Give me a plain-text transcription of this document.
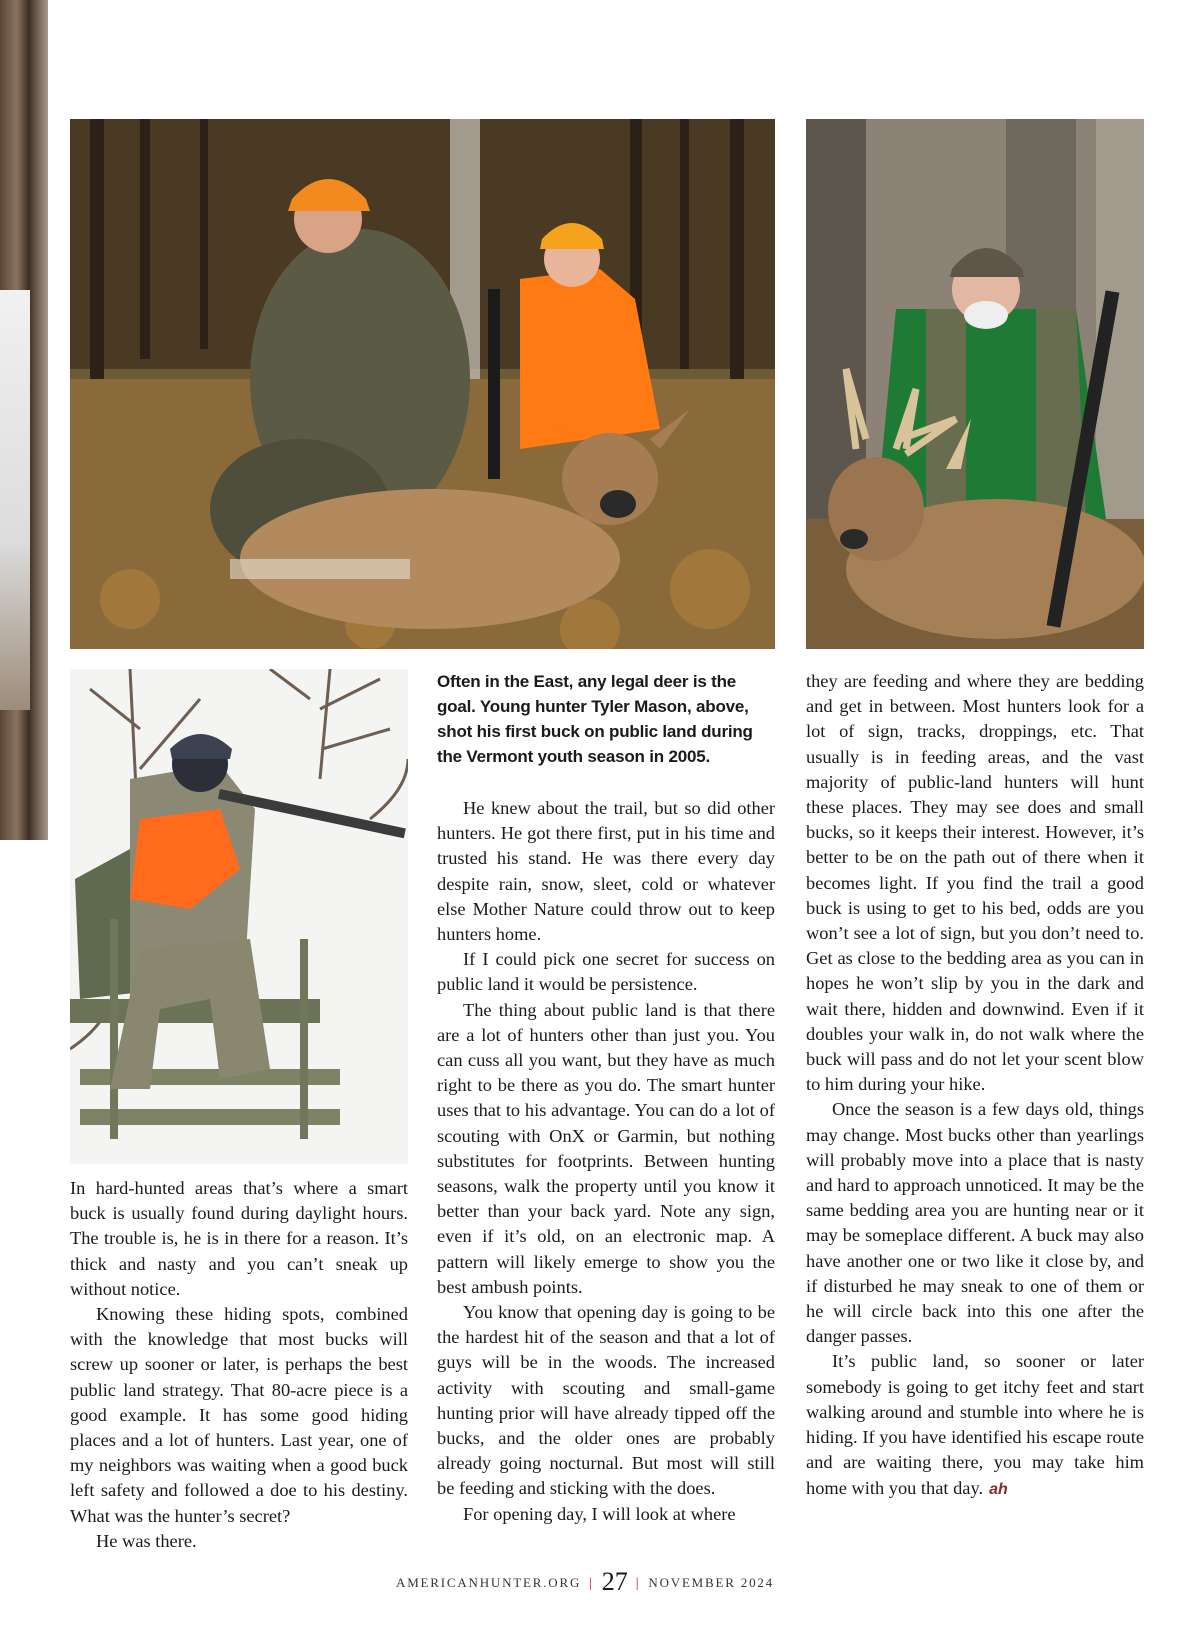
Often in the East, any legal deer is the goal. Young hunter Tyler Mason, above, shot his first buck on public land during the Vermont youth season in 2005.

In hard-hunted areas that’s where a smart buck is usually found during daylight hours. The trouble is, he is in there for a reason. It’s thick and nasty and you can’t sneak up without notice.

Knowing these hiding spots, combined with the knowledge that most bucks will screw up sooner or later, is perhaps the best public land strategy. That 80-acre piece is a good example. It has some good hiding places and a lot of hunters. Last year, one of my neighbors was waiting when a good buck left safety and followed a doe to his destiny. What was the hunter’s secret?

He was there.

He knew about the trail, but so did other hunters. He got there first, put in his time and trusted his stand. He was there every day despite rain, snow, sleet, cold or whatever else Mother Nature could throw out to keep hunters home.

If I could pick one secret for success on public land it would be persistence.

The thing about public land is that there are a lot of hunters other than just you. You can cuss all you want, but they have as much right to be there as you do. The smart hunter uses that to his advantage. You can do a lot of scouting with OnX or Garmin, but nothing substitutes for footprints. Between hunting seasons, walk the property until you know it better than your back yard. Note any sign, even if it’s old, on an electronic map. A pattern will likely emerge to show you the best ambush points.

You know that opening day is going to be the hardest hit of the season and that a lot of guys will be in the woods. The increased activity with scouting and small-game hunting prior will have already tipped off the bucks, and the older ones are probably already going nocturnal. But most will still be feeding and sticking with the does.

For opening day, I will look at where

they are feeding and where they are bedding and get in between. Most hunters look for a lot of sign, tracks, droppings, etc. That usually is in feeding areas, and the vast majority of public-land hunters will hunt these places. They may see does and small bucks, so it keeps their interest. However, it’s better to be on the path out of there when it becomes light. If you find the trail a good buck is using to get to his bed, odds are you won’t see a lot of sign, but you don’t need to. Get as close to the bedding area as you can in hopes he won’t slip by you in the dark and wait there, hidden and downwind. Even if it doubles your walk in, do not walk where the buck will pass and do not let your scent blow to him during your hike.

Once the season is a few days old, things may change. Most bucks other than yearlings will probably move into a place that is nasty and hard to approach unnoticed. It may be the same bedding area you are hunting near or it may be someplace different. A buck may also have another one or two like it close by, and if disturbed he may sneak to one of them or he will circle back into this one after the danger passes.

It’s public land, so sooner or later somebody is going to get itchy feet and start walking around and stumble into where he is hiding. If you have identified his escape route and are waiting there, you may take him home with you that day. ah

AMERICANHUNTER.ORG | 27 | NOVEMBER 2024
